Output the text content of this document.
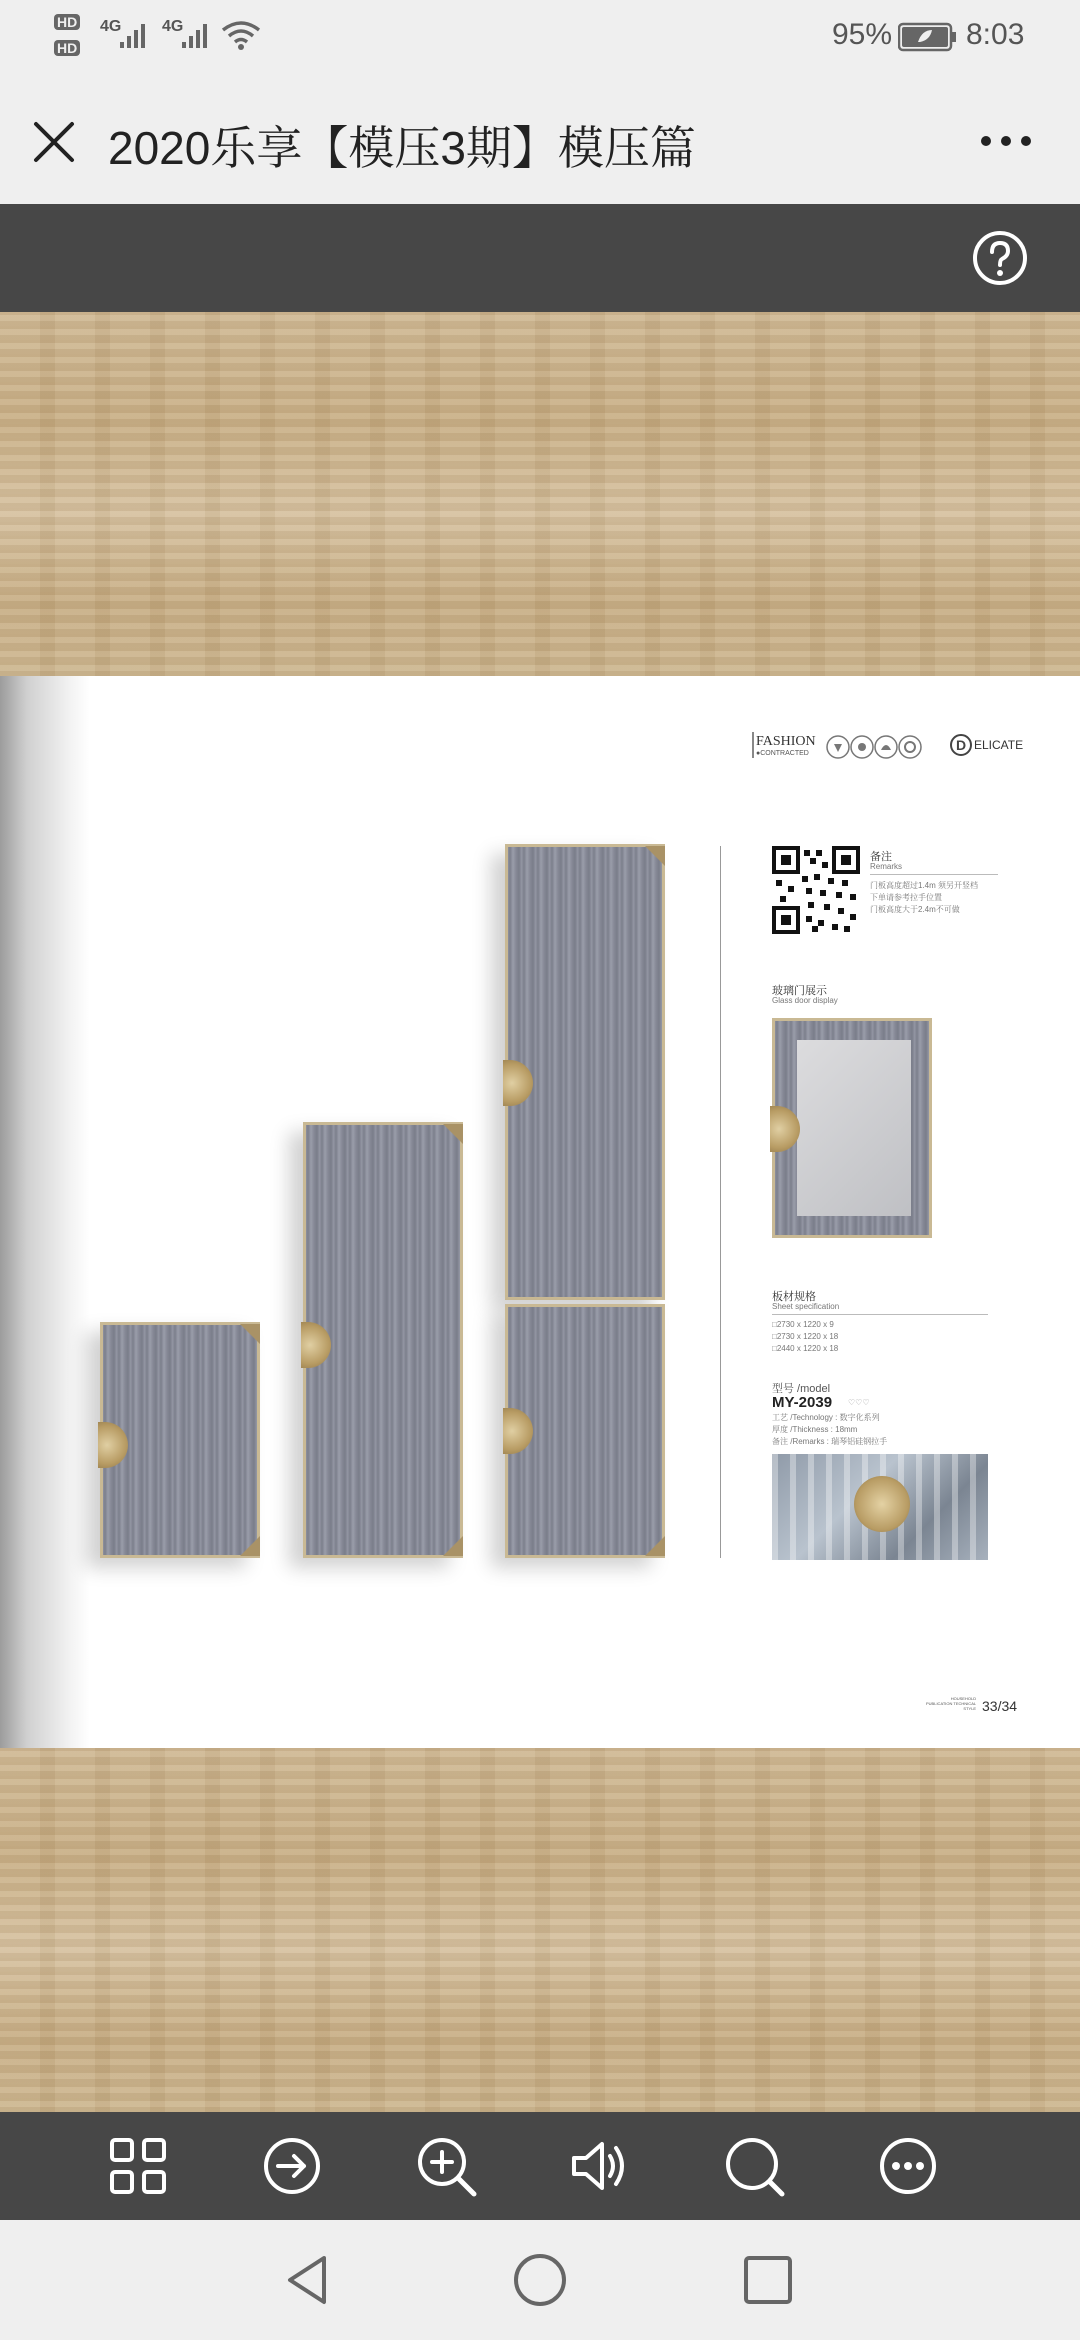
HD
HD
4G	4G	95% 8:03
2020乐享【模压3期】模压篇
FASHION
●CONTRACTED
D ELICATE
备注
Remarks
门板高度超过1.4m 须另开竖档
下单请参考拉手位置
门板高度大于2.4m不可做
玻璃门展示
Glass door display
板材规格
Sheet specification
□2730 x 1220 x 9
□2730 x 1220 x 18
□2440 x 1220 x 18
型号 /model
MY-2039 ♡♡♡
工艺 /Technology : 数字化系列
厚度 /Thickness : 18mm
备注 /Remarks : 瑞琴铝硅钢拉手
HOUSEHOLD
PUBLICATION TECHNICAL
STYLE 33/34
